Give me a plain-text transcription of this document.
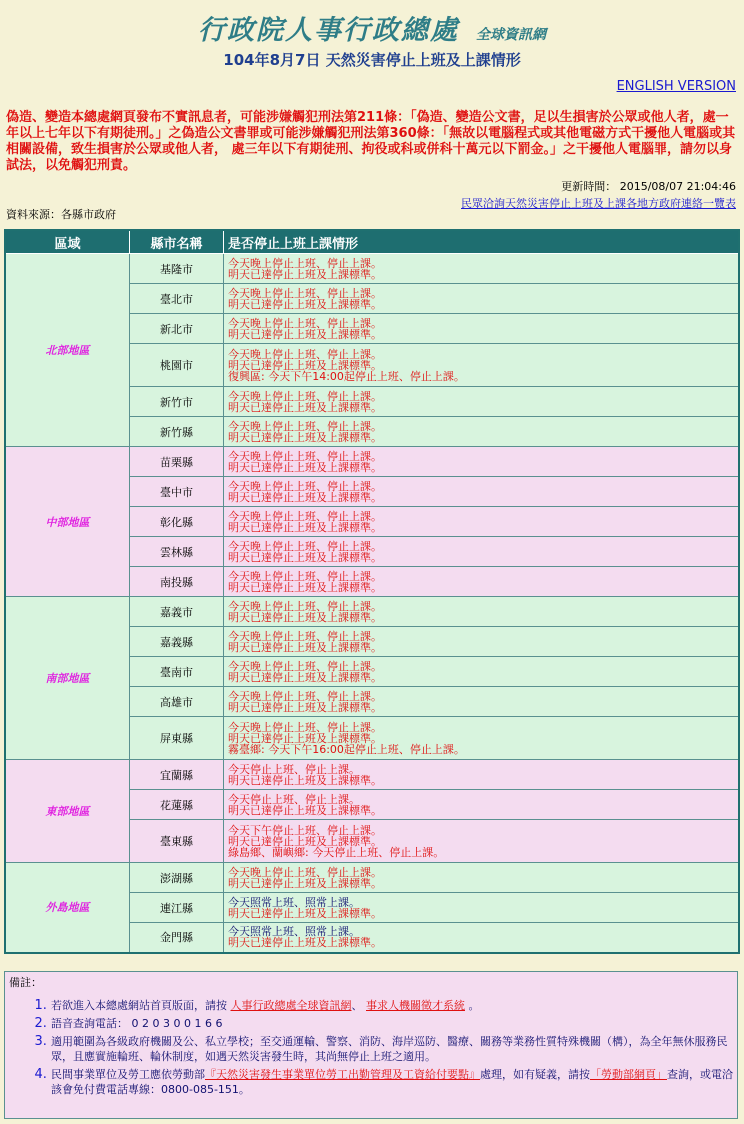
行政院人事行政總處 全球資訊網
104年8月7日 天然災害停止上班及上課情形
ENGLISH VERSION
偽造、變造本總處網頁發布不實訊息者，可能涉嫌觸犯刑法第211條：「偽造、變造公文書，足以生損害於公眾或他人者，處一年以上七年以下有期徒刑。」之偽造公文書罪或可能涉嫌觸犯刑法第360條：「無故以電腦程式或其他電磁方式干擾他人電腦或其相關設備，致生損害於公眾或他人者， 處三年以下有期徒刑、拘役或科或併科十萬元以下罰金。」之干擾他人電腦罪，請勿以身試法，以免觸犯刑責。
更新時間： 2015/08/07 21:04:46
民眾洽詢天然災害停止上班及上課各地方政府連絡一覽表
資料來源：各縣市政府
區域	縣市名稱	是否停止上班上課情形
北部地區	基隆市	今天晚上停止上班、停止上課。
明天已達停止上班及上課標準。

	臺北市	今天晚上停止上班、停止上課。
明天已達停止上班及上課標準。

	新北市	今天晚上停止上班、停止上課。
明天已達停止上班及上課標準。

	桃園市	今天晚上停止上班、停止上課。
明天已達停止上班及上課標準。
復興區: 今天下午14:00起停止上班、停止上課。

	新竹市	今天晚上停止上班、停止上課。
明天已達停止上班及上課標準。

	新竹縣	今天晚上停止上班、停止上課。
明天已達停止上班及上課標準。

中部地區	苗栗縣	今天晚上停止上班、停止上課。
明天已達停止上班及上課標準。

	臺中市	今天晚上停止上班、停止上課。
明天已達停止上班及上課標準。

	彰化縣	今天晚上停止上班、停止上課。
明天已達停止上班及上課標準。

	雲林縣	今天晚上停止上班、停止上課。
明天已達停止上班及上課標準。

	南投縣	今天晚上停止上班、停止上課。
明天已達停止上班及上課標準。

南部地區	嘉義市	今天晚上停止上班、停止上課。
明天已達停止上班及上課標準。

	嘉義縣	今天晚上停止上班、停止上課。
明天已達停止上班及上課標準。

	臺南市	今天晚上停止上班、停止上課。
明天已達停止上班及上課標準。

	高雄市	今天晚上停止上班、停止上課。
明天已達停止上班及上課標準。

	屏東縣	今天晚上停止上班、停止上課。
明天已達停止上班及上課標準。
霧臺鄉: 今天下午16:00起停止上班、停止上課。

東部地區	宜蘭縣	今天停止上班、停止上課。
明天已達停止上班及上課標準。

	花蓮縣	今天停止上班、停止上課。
明天已達停止上班及上課標準。

	臺東縣	今天下午停止上班、停止上課。
明天已達停止上班及上課標準。
綠島鄉、蘭嶼鄉: 今天停止上班、停止上課。

外島地區	澎湖縣	今天晚上停止上班、停止上課。
明天已達停止上班及上課標準。

	連江縣	今天照常上班、照常上課。
明天已達停止上班及上課標準。

	金門縣	今天照常上班、照常上課。
明天已達停止上班及上課標準。
備註：
1. 若欲進入本總處網站首頁版面，請按 人事行政總處全球資訊網、 事求人機關徵才系統 。
2. 語音查詢電話： 0 2 0 3 0 0 1 6 6
3. 適用範圍為各級政府機關及公、私立學校；至交通運輸、警察、消防、海岸巡防、醫療、關務等業務性質特殊機關（構），為全年無休服務民眾，且應實施輪班、輪休制度，如遇天然災害發生時，其尚無停止上班之適用。
4. 民間事業單位及勞工應依勞動部『天然災害發生事業單位勞工出勤管理及工資給付要點』處理，如有疑義，請按「勞動部網頁」查詢，或電洽該會免付費電話專線：0800-085-151。
